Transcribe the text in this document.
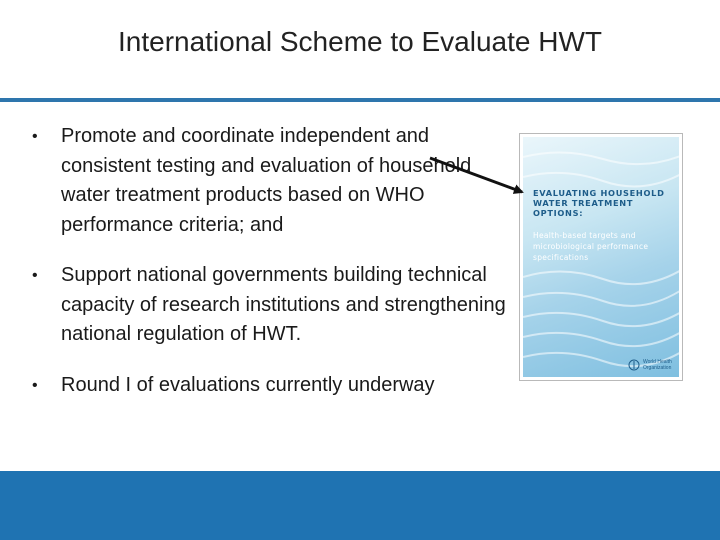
International Scheme to Evaluate HWT
• Promote and coordinate independent and consistent testing and evaluation of household water treatment products based on WHO performance criteria; and
• Support national governments building technical capacity of research institutions and strengthening national regulation of HWT.
• Round I of evaluations currently underway
EVALUATING HOUSEHOLD WATER TREATMENT OPTIONS:
Health-based targets and microbiological performance specifications
World Health Organization
